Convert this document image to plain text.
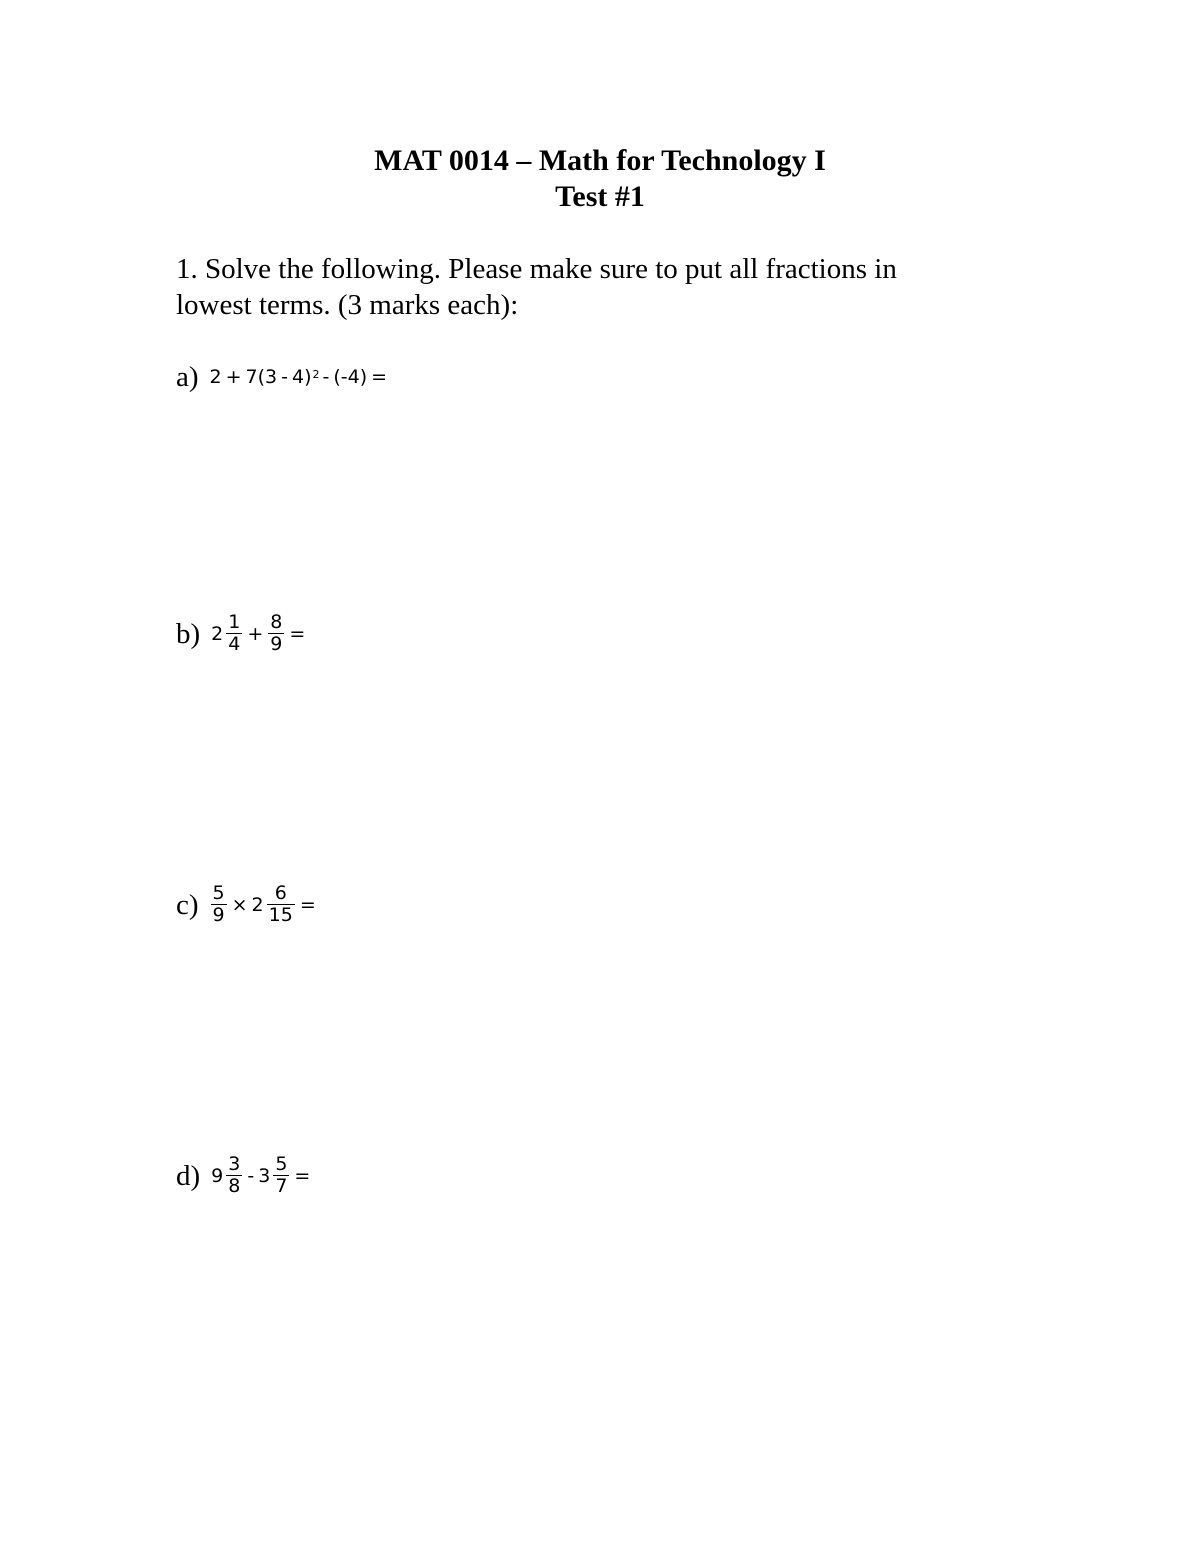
MAT 0014 – Math for Technology I
Test #1
1. Solve the following. Please make sure to put all fractions in
lowest terms. (3 marks each):
a) 2 + 7(3 - 4)$^2$ - (-4) =
b) $2 \frac{1}{4} + \frac{8}{9}$ =
$c) \frac{5}{9} \times 2 \frac{6}{15}$ =
d) $9 \frac{3}{8} - 3 \frac{5}{7}$ =
